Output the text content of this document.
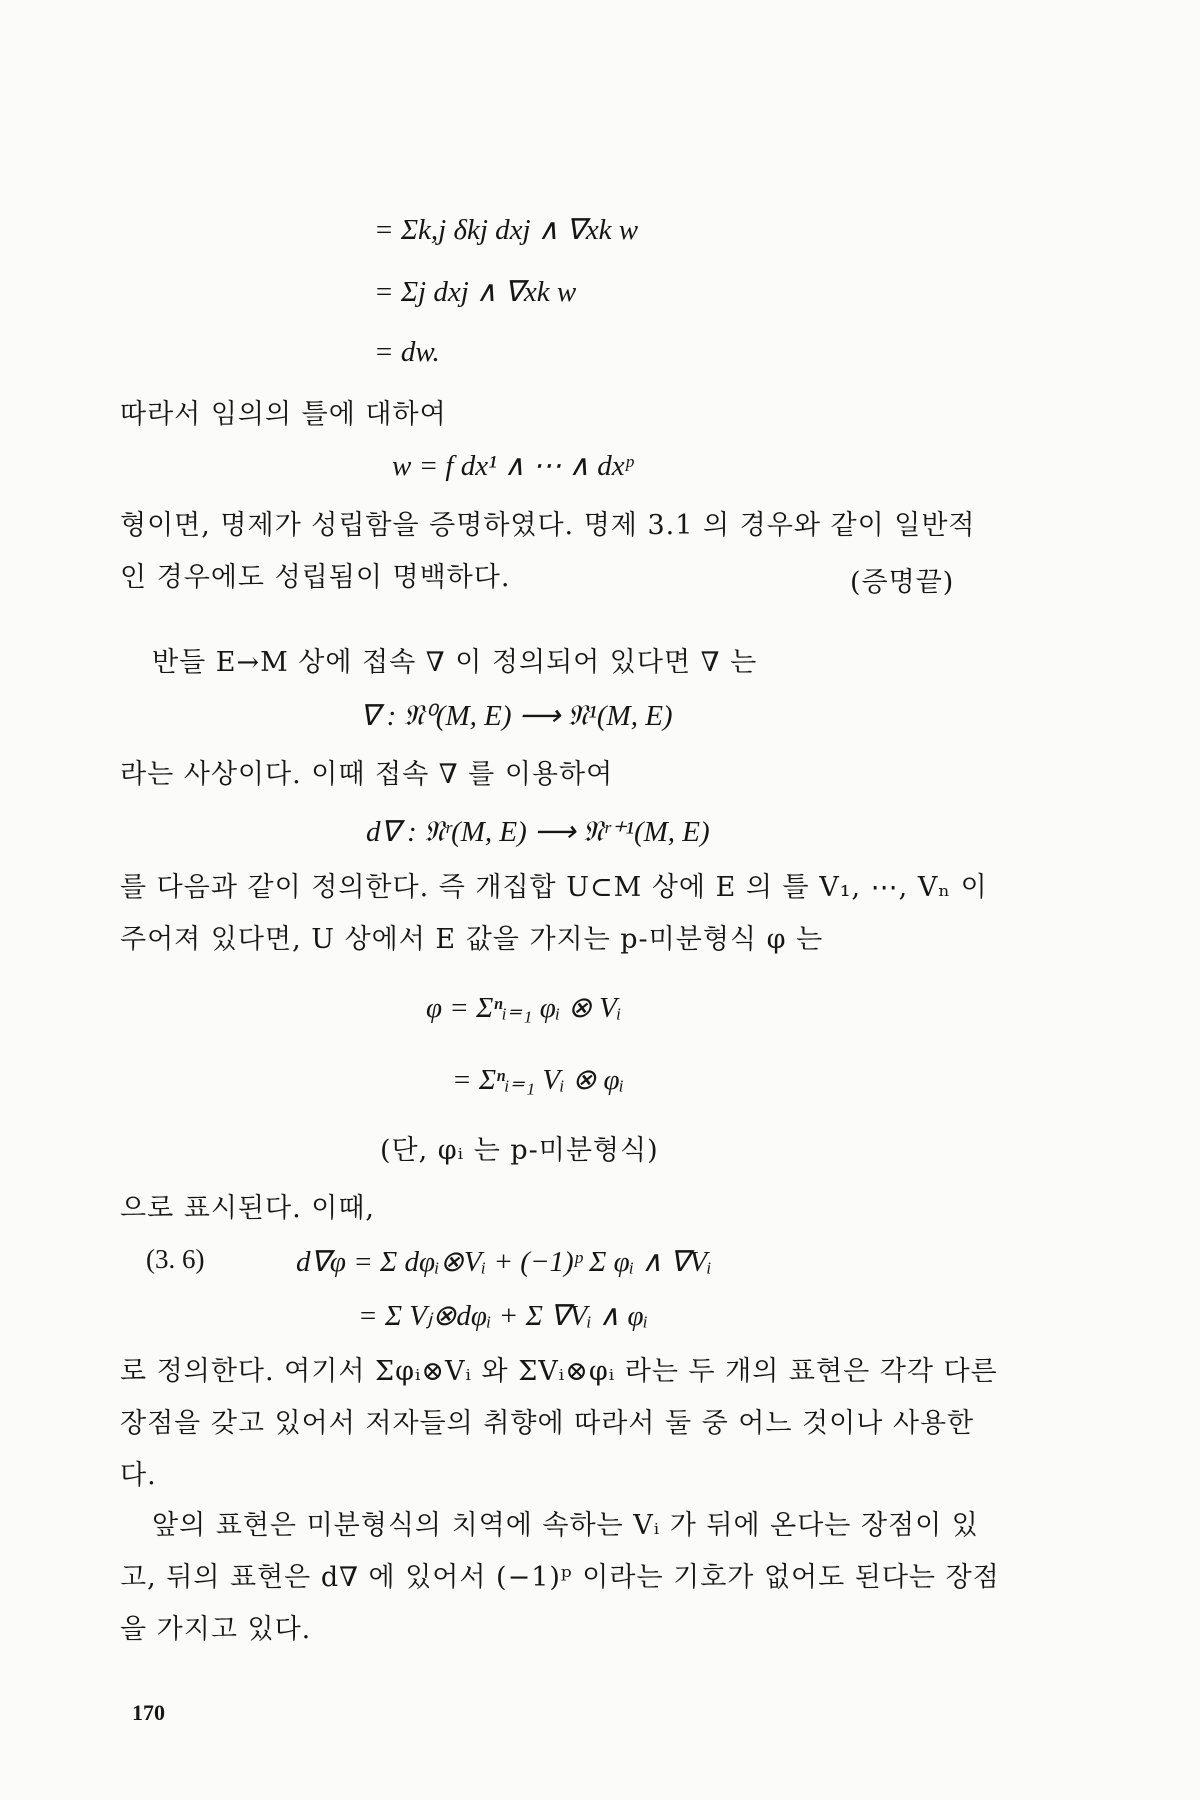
= Σk,j δkj dxj ∧ ∇xk w
= Σj dxj ∧ ∇xk w
= dw.
따라서 임의의 틀에 대하여
w = f dx¹ ∧ ⋯ ∧ dxᵖ
형이면, 명제가 성립함을 증명하였다. 명제 3.1 의 경우와 같이 일반적인 경우에도 성립됨이 명백하다.	(증명끝)
반들 E→M 상에 접속 ∇ 이 정의되어 있다면 ∇ 는
∇ : 𝔑⁰(M, E) ⟶ 𝔑¹(M, E)
라는 사상이다. 이때 접속 ∇ 를 이용하여
d∇ : 𝔑ʳ(M, E) ⟶ 𝔑ʳ⁺¹(M, E)
를 다음과 같이 정의한다. 즉 개집합 U⊂M 상에 E 의 틀 V₁, ⋯, Vₙ 이 주어져 있다면, U 상에서 E 값을 가지는 p-미분형식 φ 는
φ = Σⁿᵢ₌₁ φᵢ ⊗ Vᵢ
= Σⁿᵢ₌₁ Vᵢ ⊗ φᵢ
(단, φᵢ 는 p-미분형식)
으로 표시된다. 이때,
(3. 6)	d∇φ = Σ dφᵢ⊗Vᵢ + (−1)ᵖ Σ φᵢ ∧ ∇Vᵢ
= Σ Vⱼ⊗dφᵢ + Σ ∇Vᵢ ∧ φᵢ
로 정의한다. 여기서 Σφᵢ⊗Vᵢ 와 ΣVᵢ⊗φᵢ 라는 두 개의 표현은 각각 다른 장점을 갖고 있어서 저자들의 취향에 따라서 둘 중 어느 것이나 사용한다.
앞의 표현은 미분형식의 치역에 속하는 Vᵢ 가 뒤에 온다는 장점이 있고, 뒤의 표현은 d∇ 에 있어서 (−1)ᵖ 이라는 기호가 없어도 된다는 장점을 가지고 있다.
170
